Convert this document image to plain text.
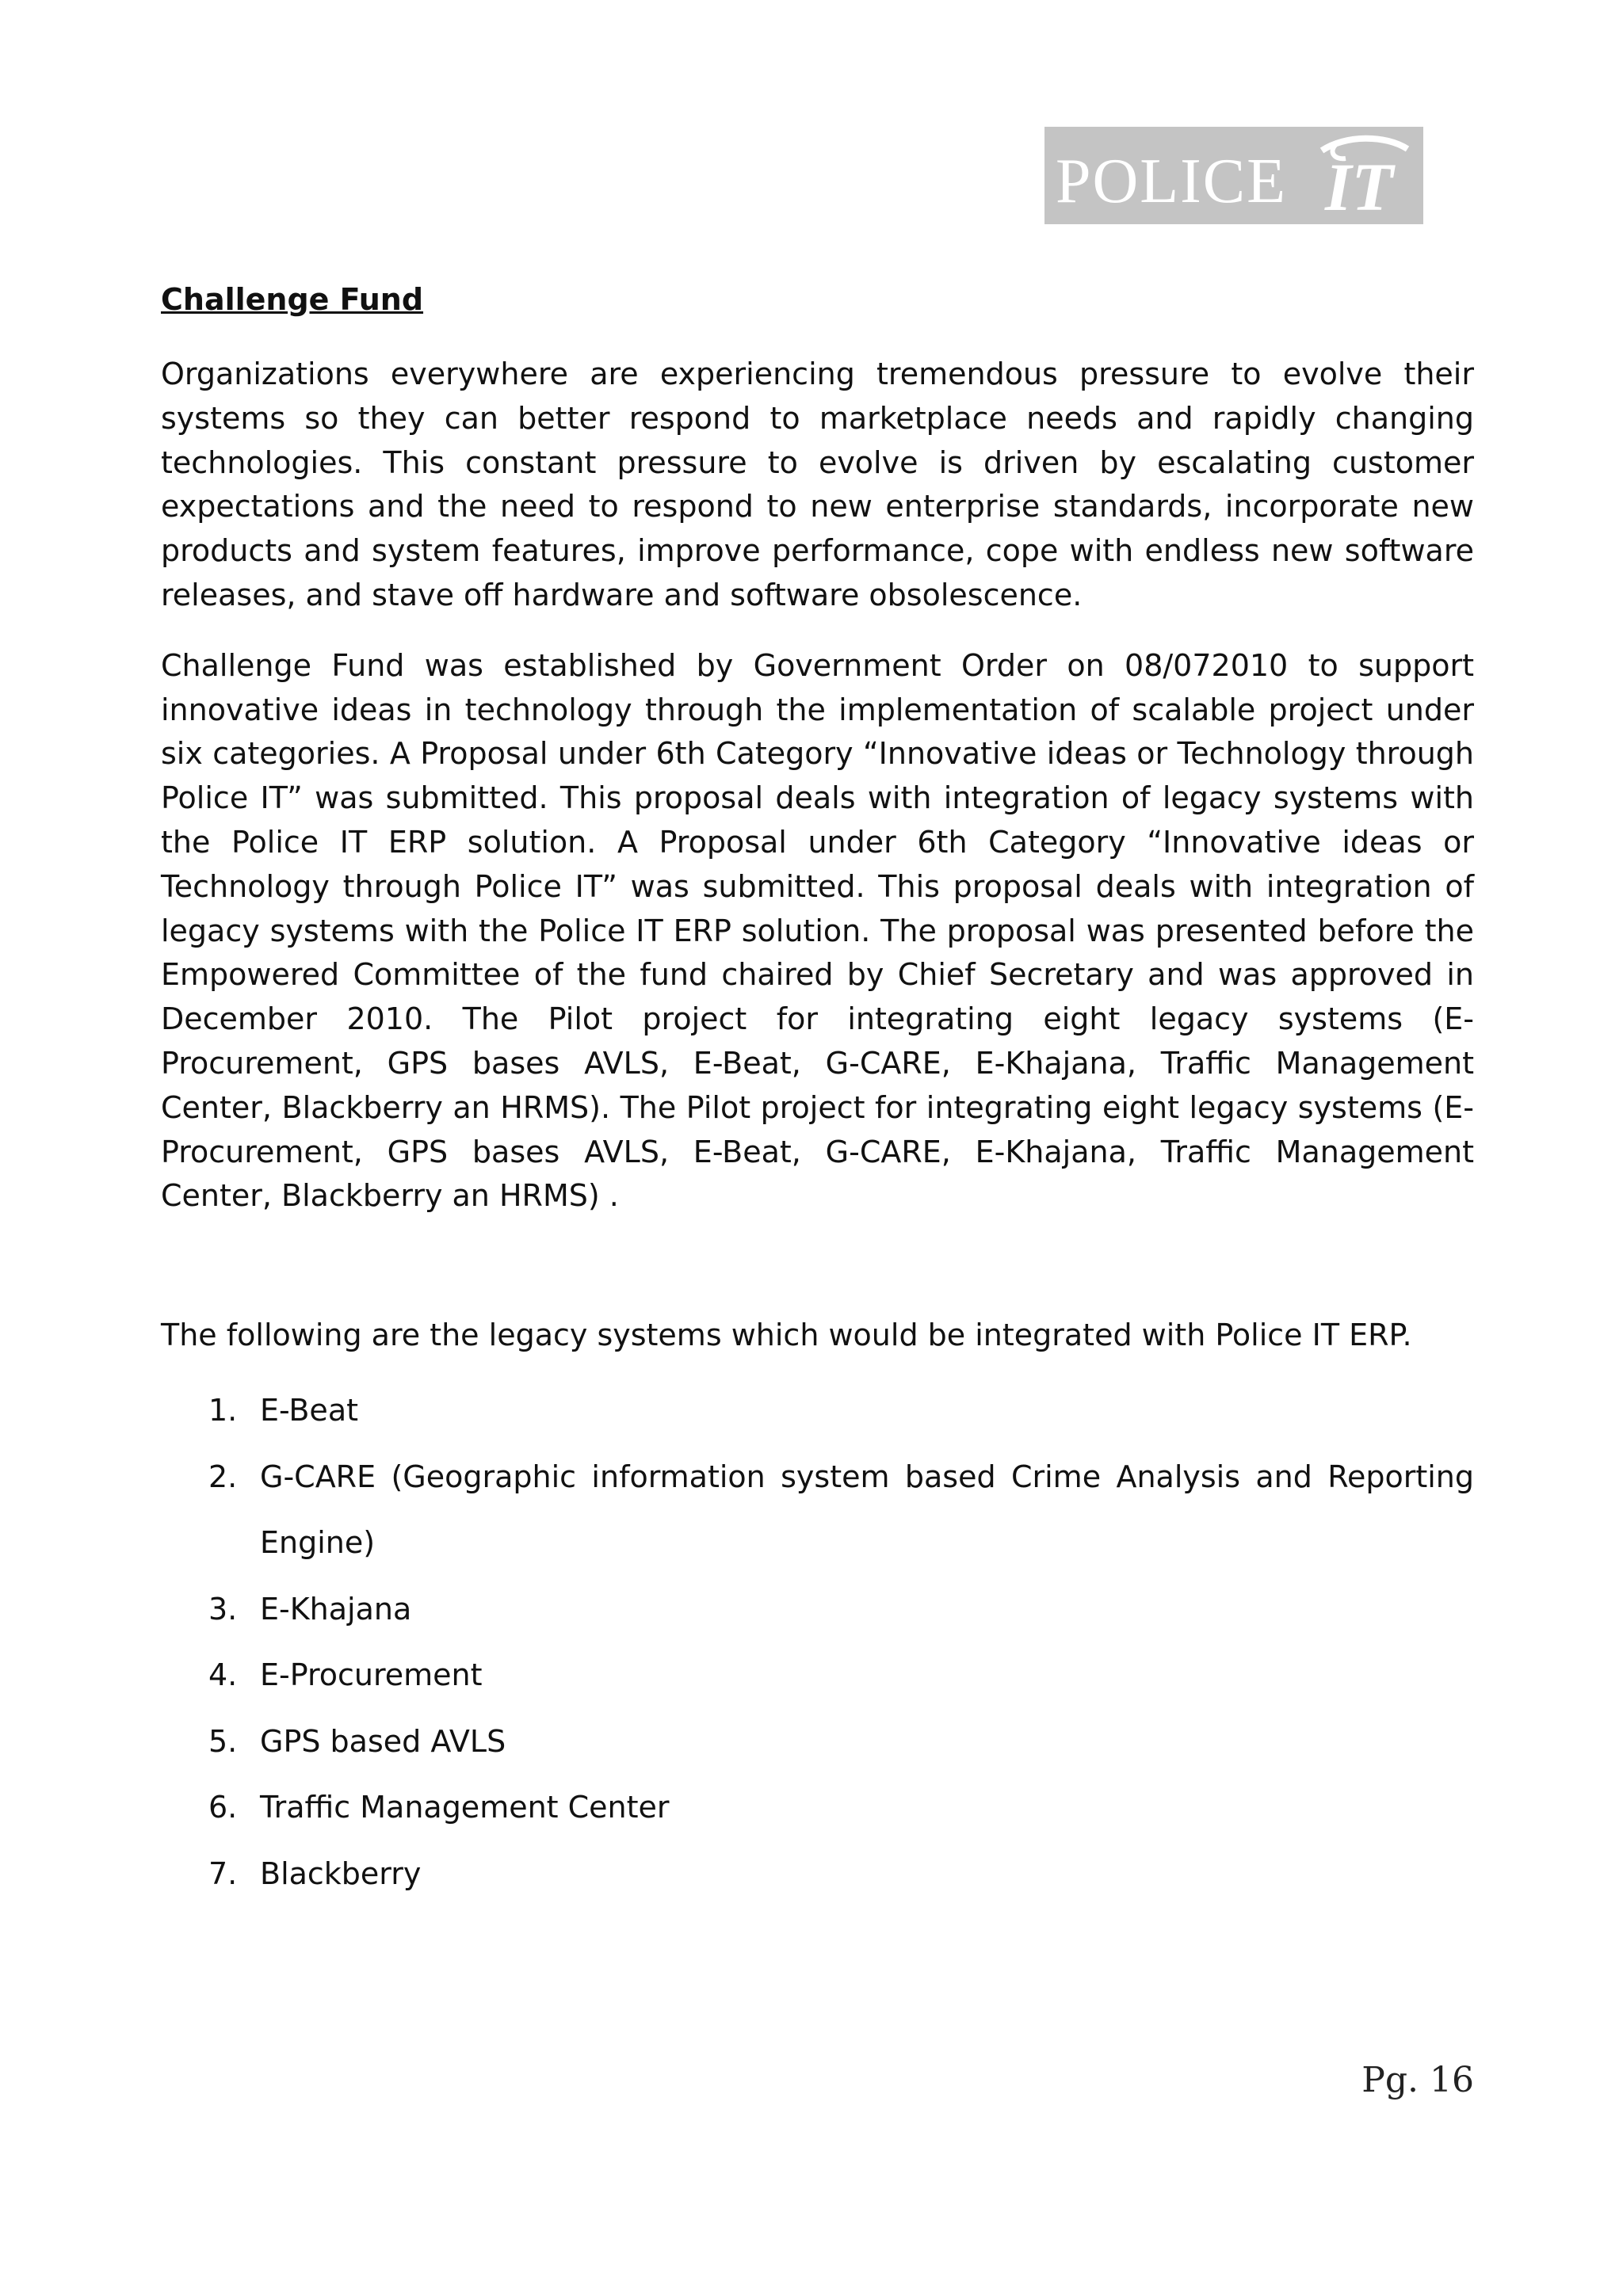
POLICE IT
Challenge Fund

Organizations everywhere are experiencing tremendous pressure to evolve their systems so they can better respond to marketplace needs and rapidly changing technologies. This constant pressure to evolve is driven by escalating customer expectations and the need to respond to new enterprise standards, incorporate new products and system features, improve performance, cope with endless new software releases, and stave off hardware and software obsolescence.

Challenge Fund was established by Government Order on 08/072010 to support innovative ideas in technology through the implementation of scalable project under six categories. A Proposal under 6th Category “Innovative ideas or Technology through Police IT” was submitted. This proposal deals with integration of legacy systems with the Police IT ERP solution. A Proposal under 6th Category “Innovative ideas or Technology through Police IT” was submitted. This proposal deals with integration of legacy systems with the Police IT ERP solution. The proposal was presented before the Empowered Committee of the fund chaired by Chief Secretary and was approved in December 2010. The Pilot project for integrating eight legacy systems (E-Procurement, GPS bases AVLS, E-Beat, G-CARE, E-Khajana, Traffic Management Center, Blackberry an HRMS). The Pilot project for integrating eight legacy systems (E-Procurement, GPS bases AVLS, E-Beat, G-CARE, E-Khajana, Traffic Management Center, Blackberry an HRMS) .

The following are the legacy systems which would be integrated with Police IT ERP.

1. E-Beat
2. G-CARE (Geographic information system based Crime Analysis and Reporting Engine)
3. E-Khajana
4. E-Procurement
5. GPS based AVLS
6. Traffic Management Center
7. Blackberry
Pg. 16
